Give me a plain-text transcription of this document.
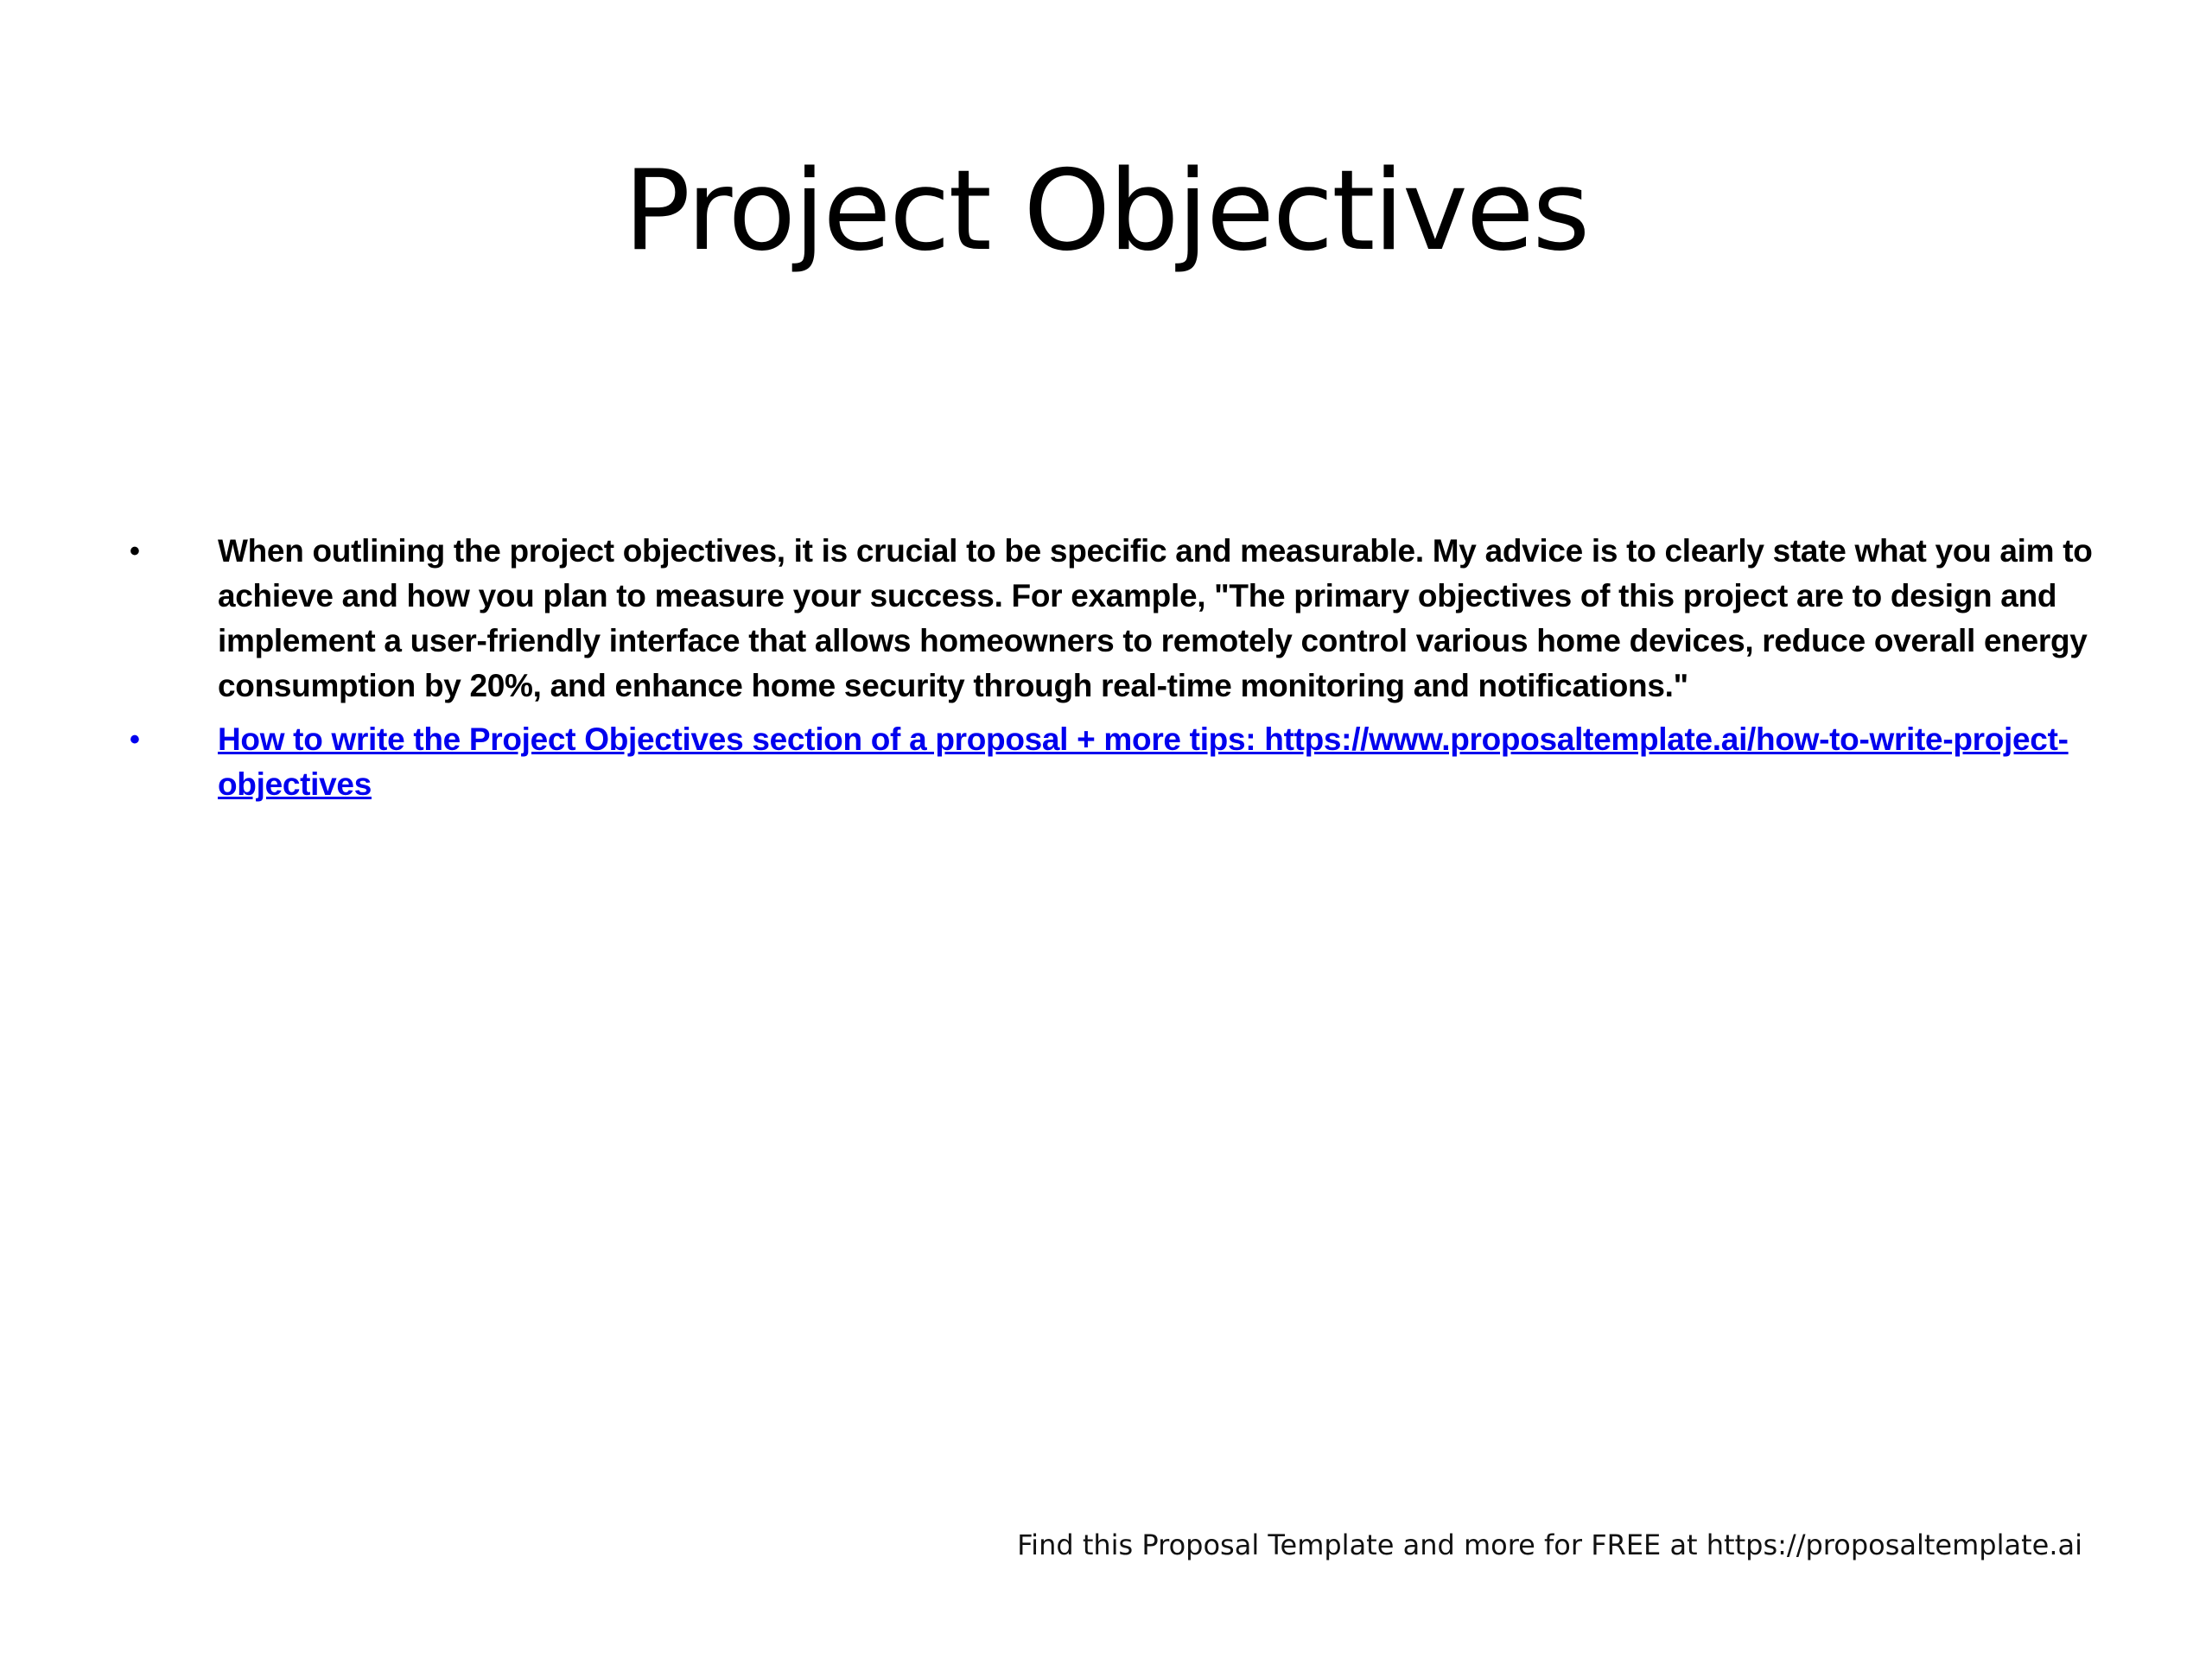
Project Objectives
•	When outlining the project objectives, it is crucial to be specific and measurable. My advice is to clearly state what you aim to achieve and how you plan to measure your success. For example, "The primary objectives of this project are to design and implement a user-friendly interface that allows homeowners to remotely control various home devices, reduce overall energy consumption by 20%, and enhance home security through real-time monitoring and notifications."
•	How to write the Project Objectives section of a proposal + more tips: https://www.proposaltemplate.ai/how-to-write-project-objectives
Find this Proposal Template and more for FREE at https://proposaltemplate.ai
